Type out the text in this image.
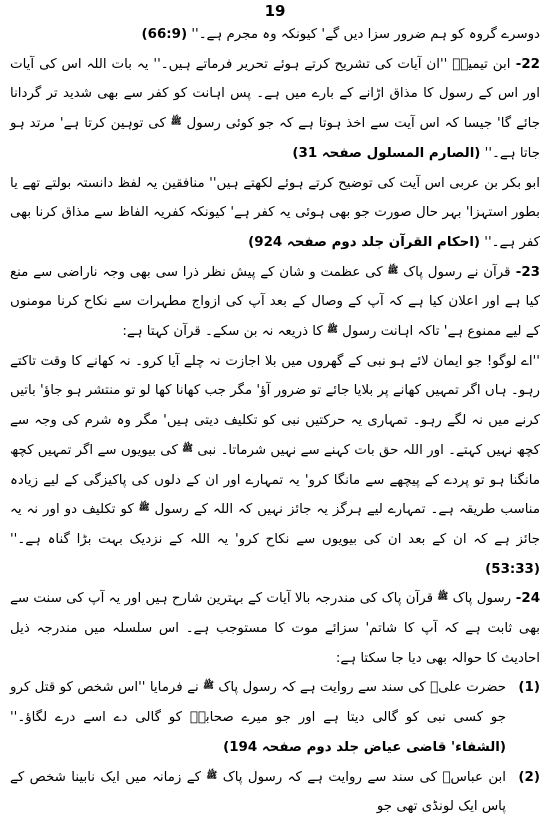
19

دوسرے گروہ کو ہم ضرور سزا دیں گے' کیونکہ وہ مجرم ہے۔'' (66:9)

22- ابن تیمیہؒ ''ان آیات کی تشریح کرتے ہوئے تحریر فرماتے ہیں۔'' یہ بات اللہ اس کی آیات اور اس کے رسول کا مذاق اڑانے کے بارے میں ہے۔ پس اہانت کو کفر سے بھی شدید تر گردانا جائے گا' جیسا کہ اس آیت سے اخذ ہوتا ہے کہ جو کوئی رسول ﷺ کی توہین کرتا ہے' مرتد ہو جاتا ہے۔'' (الصارم المسلول صفحہ 31)

ابو بکر بن عربی اس آیت کی توضیح کرتے ہوئے لکھتے ہیں'' منافقین یہ لفظ دانستہ بولتے تھے یا بطور استہزا' بہر حال صورت جو بھی ہوئی یہ کفر ہے' کیونکہ کفریہ الفاظ سے مذاق کرنا بھی کفر ہے۔'' (احکام القرآن جلد دوم صفحہ 924)

23- قرآن نے رسول پاک ﷺ کی عظمت و شان کے پیش نظر ذرا سی بھی وجہ ناراضی سے منع کیا ہے اور اعلان کیا ہے کہ آپ کے وصال کے بعد آپ کی ازواج مطہرات سے نکاح کرنا مومنوں کے لیے ممنوع ہے' تاکہ اہانت رسول ﷺ کا ذریعہ نہ بن سکے۔ قرآن کہتا ہے:

''اے لوگو! جو ایمان لائے ہو نبی کے گھروں میں بلا اجازت نہ چلے آیا کرو۔ نہ کھانے کا وقت تاکتے رہو۔ ہاں اگر تمہیں کھانے پر بلایا جائے تو ضرور آؤ' مگر جب کھانا کھا لو تو منتشر ہو جاؤ' باتیں کرنے میں نہ لگے رہو۔ تمہاری یہ حرکتیں نبی کو تکلیف دیتی ہیں' مگر وہ شرم کی وجہ سے کچھ نہیں کہتے۔ اور اللہ حق بات کہنے سے نہیں شرماتا۔ نبی ﷺ کی بیویوں سے اگر تمہیں کچھ مانگنا ہو تو پردے کے پیچھے سے مانگا کرو' یہ تمہارے اور ان کے دلوں کی پاکیزگی کے لیے زیادہ مناسب طریقہ ہے۔ تمہارے لیے ہرگز یہ جائز نہیں کہ اللہ کے رسول ﷺ کو تکلیف دو اور نہ یہ جائز ہے کہ ان کے بعد ان کی بیویوں سے نکاح کرو' یہ اللہ کے نزدیک بہت بڑا گناہ ہے۔'' (53:33)

24- رسول پاک ﷺ قرآن پاک کی مندرجہ بالا آیات کے بہترین شارح ہیں اور یہ آپ کی سنت سے بھی ثابت ہے کہ آپ کا شاتم' سزائے موت کا مستوجب ہے۔ اس سلسلہ میں مندرجہ ذیل احادیث کا حوالہ بھی دیا جا سکتا ہے:

(1)
حضرت علیؓ کی سند سے روایت ہے کہ رسول پاک ﷺ نے فرمایا ''اس شخص کو قتل کرو جو کسی نبی کو گالی دیتا ہے اور جو میرے صحابہؓ کو گالی دے اسے درے لگاؤ۔'' (الشفاء' قاضی عیاض جلد دوم صفحہ 194)
(2)
ابن عباسؓ کی سند سے روایت ہے کہ رسول پاک ﷺ کے زمانہ میں ایک نابینا شخص کے پاس ایک لونڈی تھی جو
